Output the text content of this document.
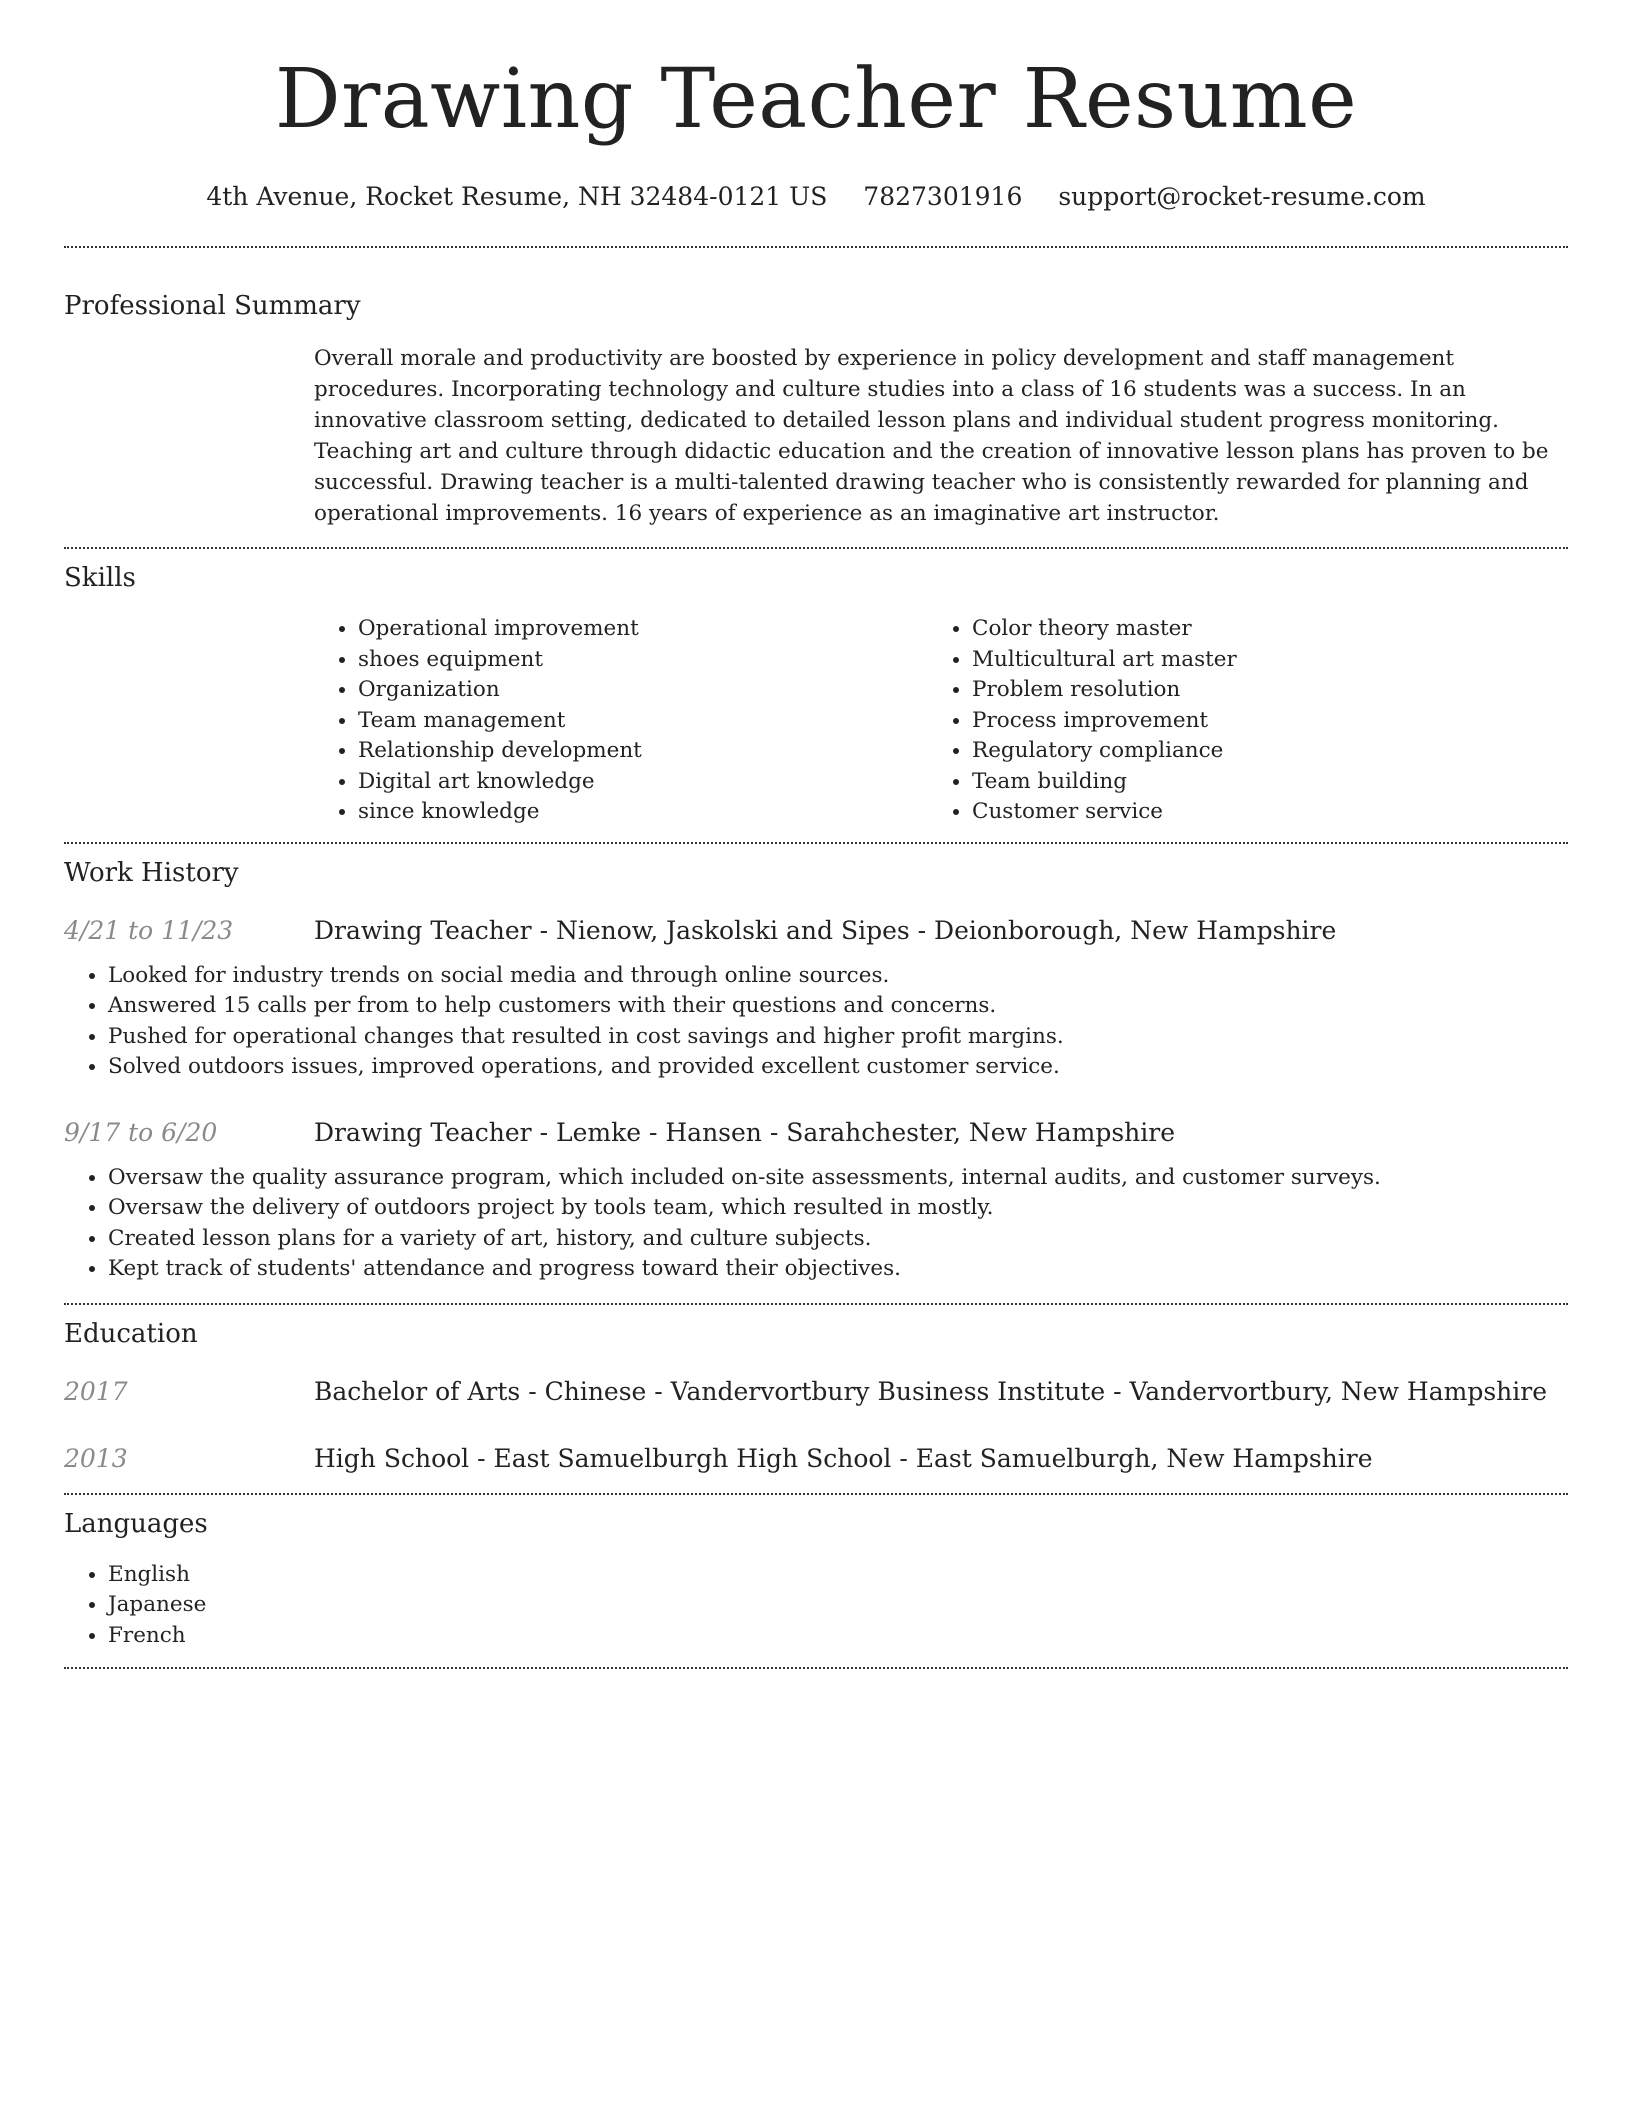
Drawing Teacher Resume
4th Avenue, Rocket Resume, NH 32484-0121 US 7827301916 support@rocket-resume.com
Professional Summary

Overall morale and productivity are boosted by experience in policy development and staff management procedures. Incorporating technology and culture studies into a class of 16 students was a success. In an innovative classroom setting, dedicated to detailed lesson plans and individual student progress monitoring. Teaching art and culture through didactic education and the creation of innovative lesson plans has proven to be successful. Drawing teacher is a multi-talented drawing teacher who is consistently rewarded for planning and operational improvements. 16 years of experience as an imaginative art instructor.

Skills
• Operational improvement
• shoes equipment
• Organization
• Team management
• Relationship development
• Digital art knowledge
• since knowledge
• Color theory master
• Multicultural art master
• Problem resolution
• Process improvement
• Regulatory compliance
• Team building
• Customer service
Work History
4/21 to 11/23	Drawing Teacher - Nienow, Jaskolski and Sipes - Deionborough, New Hampshire
• Looked for industry trends on social media and through online sources.
• Answered 15 calls per from to help customers with their questions and concerns.
• Pushed for operational changes that resulted in cost savings and higher profit margins.
• Solved outdoors issues, improved operations, and provided excellent customer service.
9/17 to 6/20	Drawing Teacher - Lemke - Hansen - Sarahchester, New Hampshire
• Oversaw the quality assurance program, which included on-site assessments, internal audits, and customer surveys.
• Oversaw the delivery of outdoors project by tools team, which resulted in mostly.
• Created lesson plans for a variety of art, history, and culture subjects.
• Kept track of students' attendance and progress toward their objectives.
Education
2017	Bachelor of Arts - Chinese - Vandervortbury Business Institute - Vandervortbury, New Hampshire
2013	High School - East Samuelburgh High School - East Samuelburgh, New Hampshire
Languages
• English
• Japanese
• French
